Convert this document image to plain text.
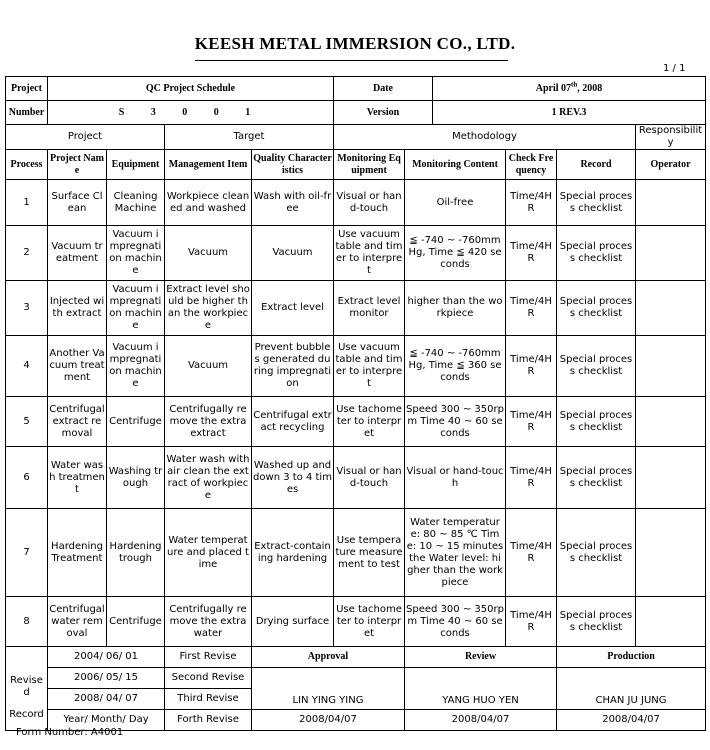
KEESH METAL IMMERSION CO., LTD.
1 / 1
Project	QC Project Schedule				Date		April 07th, 2008			
Number	S 3 0 0 1				Version		1 REV.3			
Project			Target		Methodology					Responsibility
Process	Project Name	Equipment	Management Item	Quality Characteristics	Monitoring Equipment	Monitoring Content		Check Frequency	Record	Operator
1	Surface Clean	Cleaning Machine	Workpiece cleaned and washed	Wash with oil-free	Visual or hand-touch	Oil-free		Time/4HR	Special process checklist	
2	Vacuum treatment	Vacuum impregnation machine	Vacuum	Vacuum	Use vacuum table and timer to interpret	≦ -740 ~ -760mmHg, Time ≦ 420 seconds		Time/4HR	Special process checklist	
3	Injected with extract	Vacuum impregnation machine	Extract level should be higher than the workpiece	Extract level	Extract level monitor	higher than the workpiece		Time/4HR	Special process checklist	
4	Another Vacuum treatment	Vacuum impregnation machine	Vacuum	Prevent bubbles generated during impregnation	Use vacuum table and timer to interpret	≦ -740 ~ -760mmHg, Time ≦ 360 seconds		Time/4HR	Special process checklist	
5	Centrifugal extract removal	Centrifuge	Centrifugally remove the extra extract	Centrifugal extract recycling	Use tachometer to interpret	Speed 300 ~ 350rpm Time 40 ~ 60 seconds		Time/4HR	Special process checklist	
6	Water wash treatment	Washing trough	Water wash with air clean the extract of workpiece	Washed up and down 3 to 4 times	Visual or hand-touch	Visual or hand-touch		Time/4HR	Special process checklist	
7	Hardening Treatment	Hardening trough	Water temperature and placed time	Extract-containing hardening	Use temperature measurement to test	Water temperature: 80 ~ 85 ℃ Time: 10 ~ 15 minutes the Water level: higher than the workpiece		Time/4HR	Special process checklist	
8	Centrifugal water removal	Centrifuge	Centrifugally remove the extra water	Drying surface	Use tachometer to interpret	Speed 300 ~ 350rpm Time 40 ~ 60 seconds		Time/4HR	Special process checklist	

Revised
Record	2004/ 06/ 01		First Revise	Approval		Review			Production	
	2006/ 05/ 15		Second Revise	LIN YING YING		YANG HUO YEN			CHAN JU JUNG	
	2008/ 04/ 07		Third Revise							
	Year/ Month/ Day		Forth Revise	2008/04/07		2008/04/07			2008/04/07	
Form Number: A4001
